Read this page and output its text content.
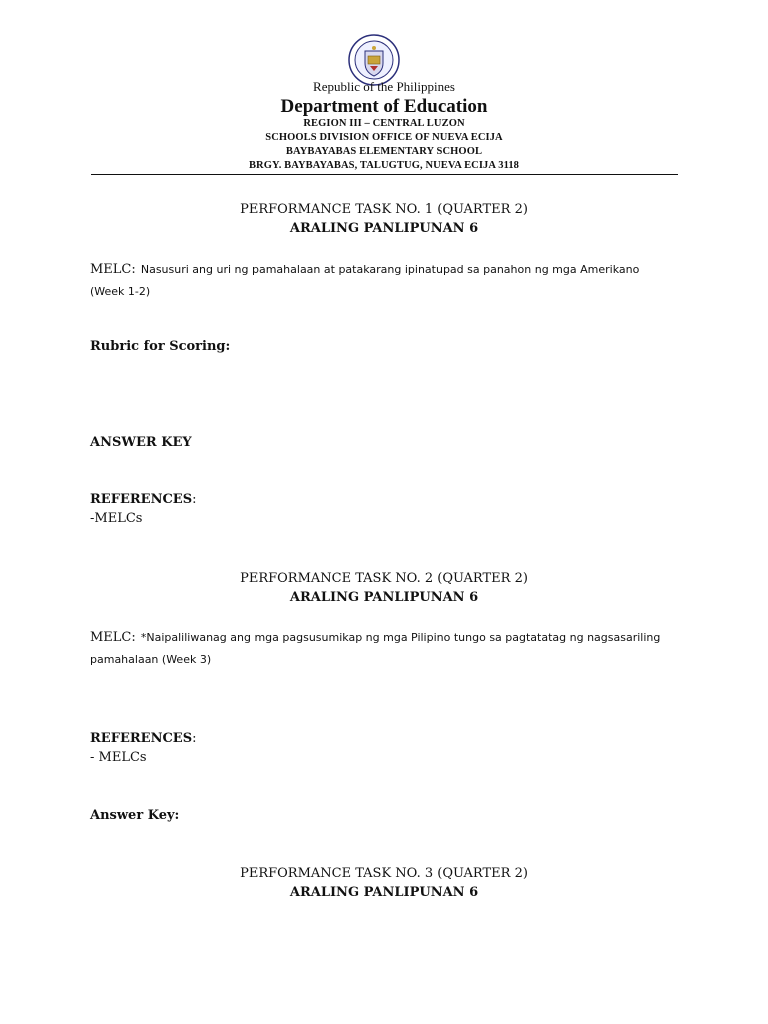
Republic of the Philippines
Department of Education
REGION III – CENTRAL LUZON
SCHOOLS DIVISION OFFICE OF NUEVA ECIJA
BAYBAYABAS ELEMENTARY SCHOOL
BRGY. BAYBAYABAS, TALUGTUG, NUEVA ECIJA 3118
PERFORMANCE TASK NO. 1 (QUARTER 2)
ARALING PANLIPUNAN 6
MELC: Nasusuri ang uri ng pamahalaan at patakarang ipinatupad sa panahon ng mga Amerikano
(Week 1-2)
Rubric for Scoring:
ANSWER KEY
REFERENCES:
-MELCs
PERFORMANCE TASK NO. 2 (QUARTER 2)
ARALING PANLIPUNAN 6
MELC: *Naipaliliwanag ang mga pagsusumikap ng mga Pilipino tungo sa pagtatatag ng nagsasariling
pamahalaan (Week 3)
REFERENCES:
- MELCs
Answer Key:
PERFORMANCE TASK NO. 3 (QUARTER 2)
ARALING PANLIPUNAN 6
